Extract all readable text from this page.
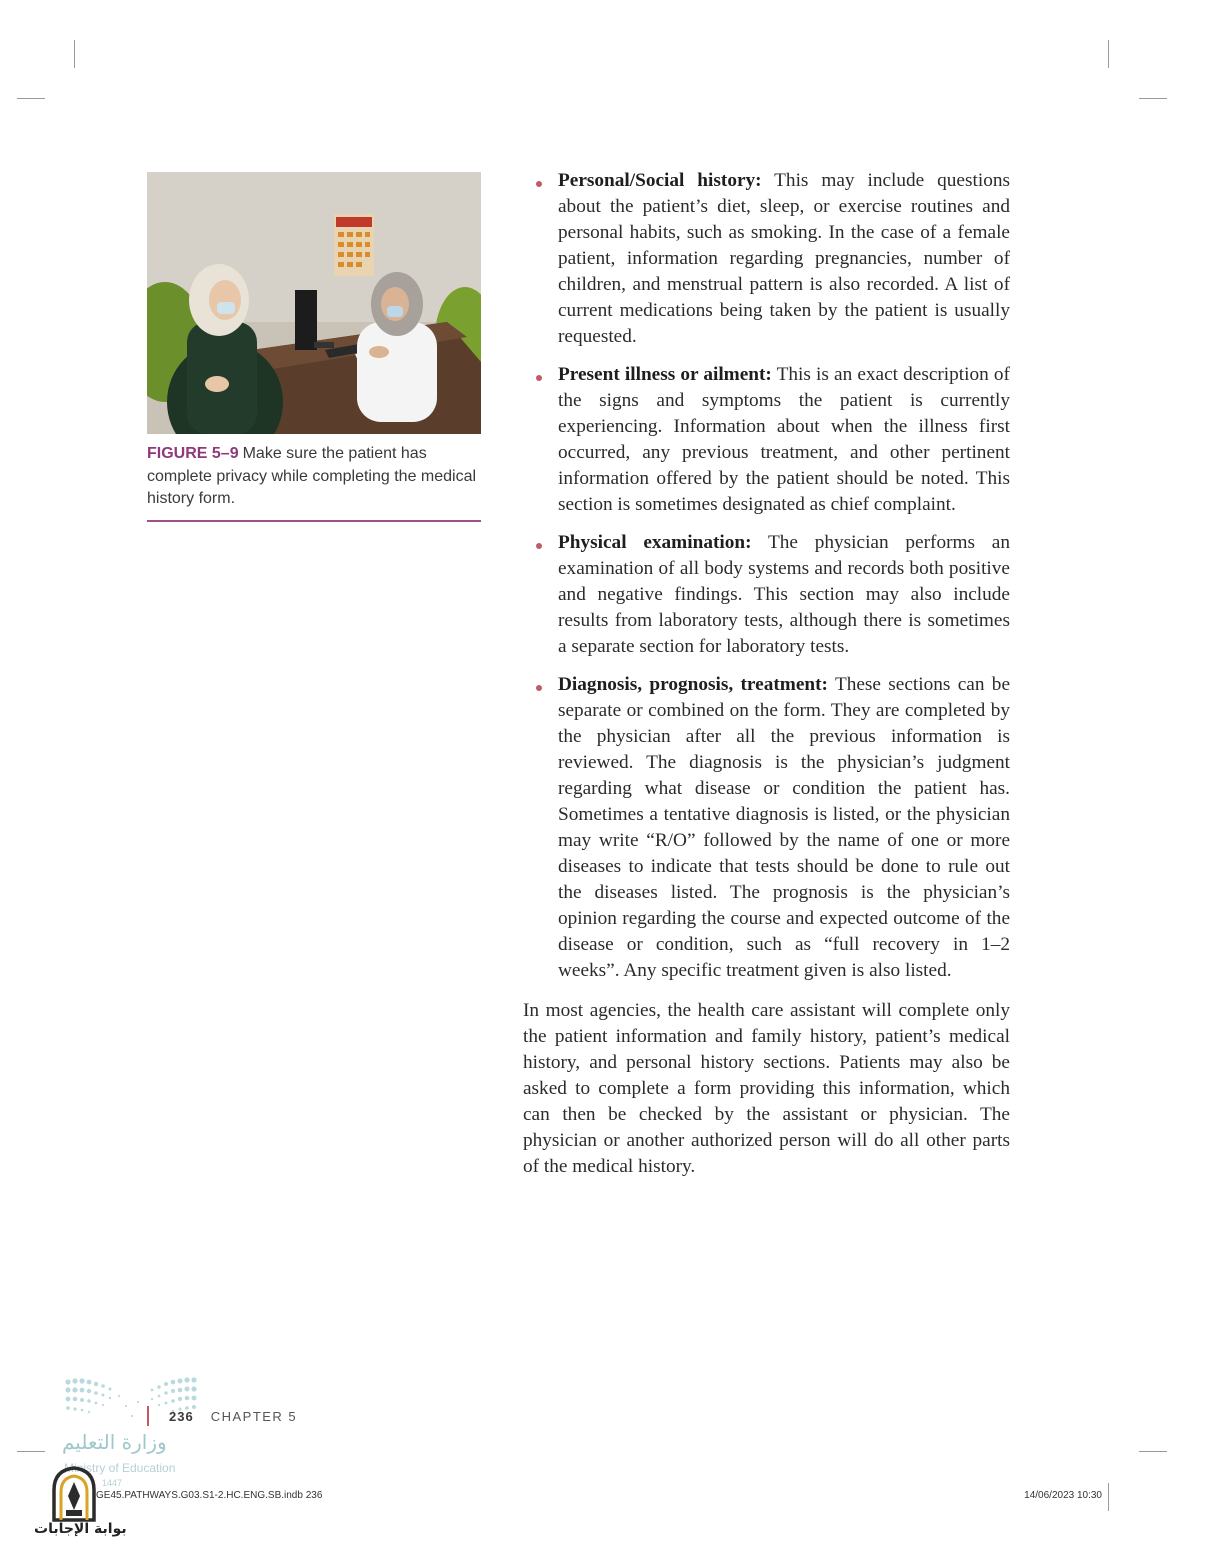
FIGURE 5–9 Make sure the patient has complete privacy while completing the medical history form.

Personal/Social history: This may include questions about the patient’s diet, sleep, or exercise routines and personal habits, such as smoking. In the case of a female patient, information regarding pregnancies, number of children, and menstrual pattern is also recorded. A list of current medications being taken by the patient is usually requested.

Present illness or ailment: This is an exact description of the signs and symptoms the patient is currently experiencing. Information about when the illness first occurred, any previous treatment, and other pertinent information offered by the patient should be noted. This section is sometimes designated as chief complaint.

Physical examination: The physician performs an examination of all body systems and records both positive and negative findings. This section may also include results from laboratory tests, although there is sometimes a separate section for laboratory tests.

Diagnosis, prognosis, treatment: These sections can be separate or combined on the form. They are completed by the physician after all the previous information is reviewed. The diagnosis is the physician’s judgment regarding what disease or condition the patient has. Sometimes a tentative diagnosis is listed, or the physician may write “R/O” followed by the name of one or more diseases to indicate that tests should be done to rule out the diseases listed. The prognosis is the physician’s opinion regarding the course and expected outcome of the disease or condition, such as “full recovery in 1–2 weeks”. Any specific treatment given is also listed.

In most agencies, the health care assistant will complete only the patient information and family history, patient’s medical history, and personal history sections. Patients may also be asked to complete a form providing this information, which can then be checked by the assistant or physician. The physician or another authorized person will do all other parts of the medical history.

236 CHAPTER 5
وزارة التعليم
Ministry of Education
1447
بوابة الإجابات
GE45.PATHWAYS.G03.S1-2.HC.ENG.SB.indb 236	14/06/2023 10:30
